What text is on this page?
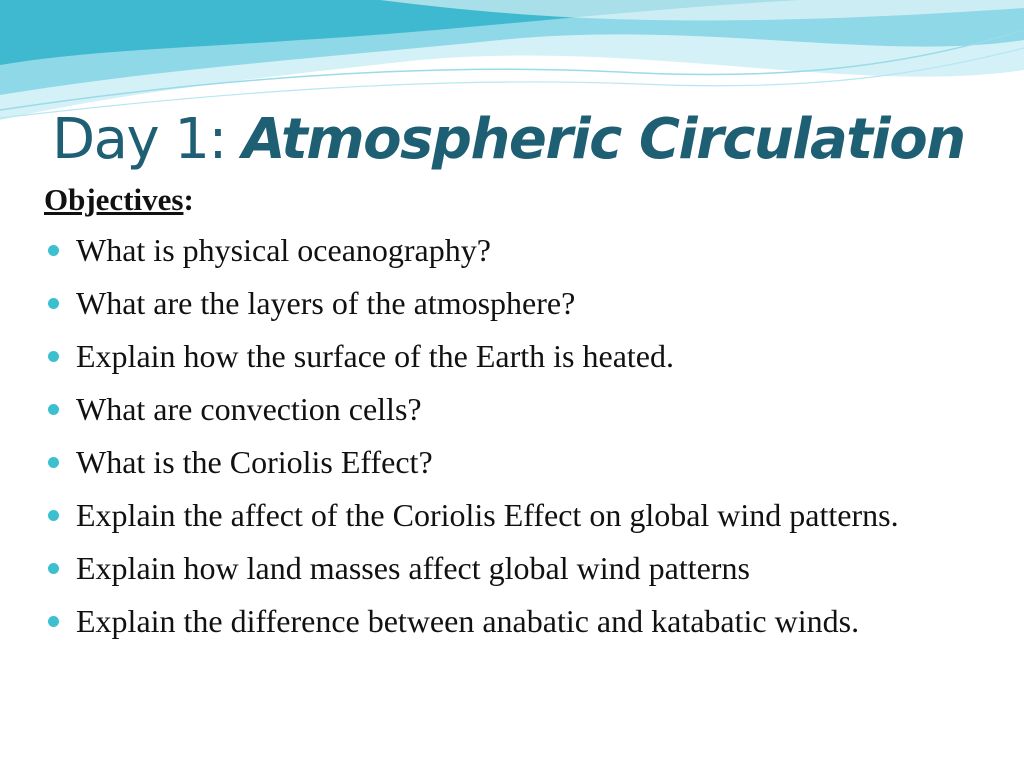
Day 1: Atmospheric Circulation
Objectives:
What is physical oceanography?
What are the layers of the atmosphere?
Explain how the surface of the Earth is heated.
What are convection cells?
What is the Coriolis Effect?
Explain the affect of the Coriolis Effect on global wind patterns.
Explain how land masses affect global wind patterns
Explain the difference between anabatic and katabatic winds.
